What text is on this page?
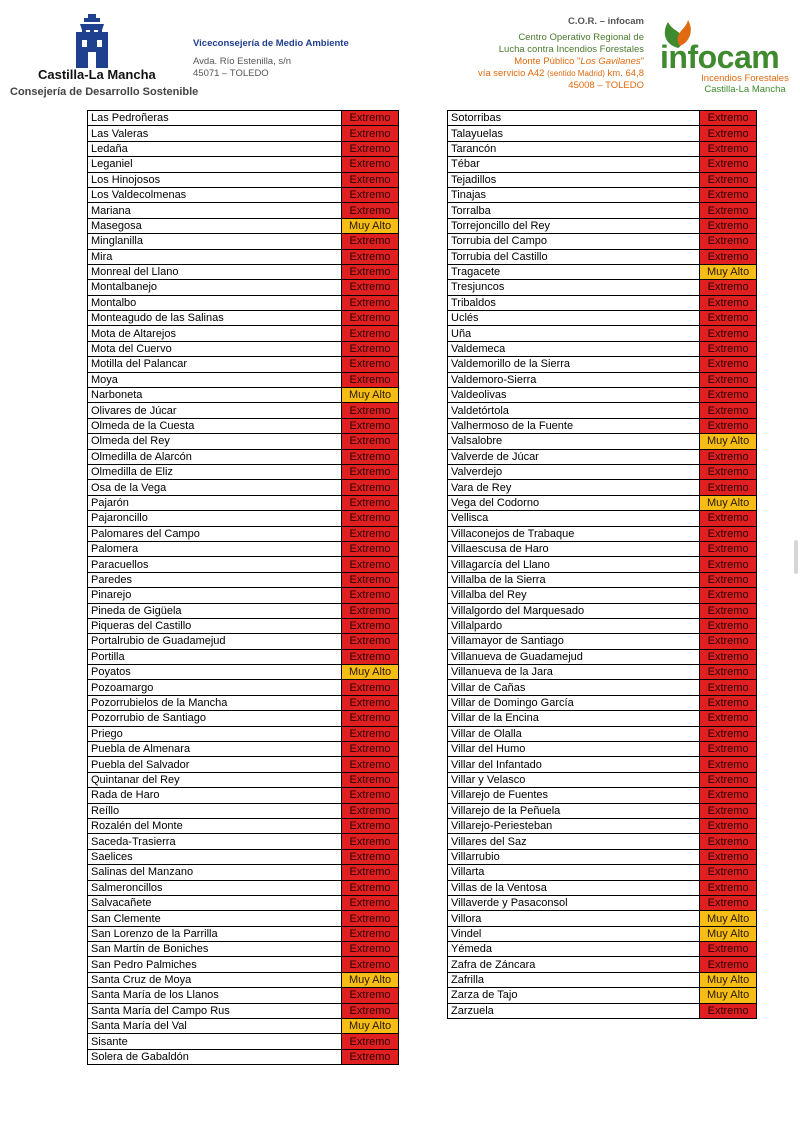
Castilla-La Mancha
Consejería de Desarrollo Sostenible
Viceconsejería de Medio Ambiente
Avda. Río Estenilla, s/n
45071 – TOLEDO
C.O.R. – infocam
Centro Operativo Regional de
Lucha contra Incendios Forestales
Monte Público "Los Gavilanes"
vía servicio A42 (sentido Madrid) km. 64,8
45008 – TOLEDO
infocam
Incendios Forestales
Castilla-La Mancha
Las Pedroñeras	Extremo
Las Valeras	Extremo
Ledaña	Extremo
Leganiel	Extremo
Los Hinojosos	Extremo
Los Valdecolmenas	Extremo
Mariana	Extremo
Masegosa	Muy Alto
Minglanilla	Extremo
Mira	Extremo
Monreal del Llano	Extremo
Montalbanejo	Extremo
Montalbo	Extremo
Monteagudo de las Salinas	Extremo
Mota de Altarejos	Extremo
Mota del Cuervo	Extremo
Motilla del Palancar	Extremo
Moya	Extremo
Narboneta	Muy Alto
Olivares de Júcar	Extremo
Olmeda de la Cuesta	Extremo
Olmeda del Rey	Extremo
Olmedilla de Alarcón	Extremo
Olmedilla de Eliz	Extremo
Osa de la Vega	Extremo
Pajarón	Extremo
Pajaroncillo	Extremo
Palomares del Campo	Extremo
Palomera	Extremo
Paracuellos	Extremo
Paredes	Extremo
Pinarejo	Extremo
Pineda de Gigüela	Extremo
Piqueras del Castillo	Extremo
Portalrubio de Guadamejud	Extremo
Portilla	Extremo
Poyatos	Muy Alto
Pozoamargo	Extremo
Pozorrubielos de la Mancha	Extremo
Pozorrubio de Santiago	Extremo
Priego	Extremo
Puebla de Almenara	Extremo
Puebla del Salvador	Extremo
Quintanar del Rey	Extremo
Rada de Haro	Extremo
Reíllo	Extremo
Rozalén del Monte	Extremo
Saceda-Trasierra	Extremo
Saelices	Extremo
Salinas del Manzano	Extremo
Salmeroncillos	Extremo
Salvacañete	Extremo
San Clemente	Extremo
San Lorenzo de la Parrilla	Extremo
San Martín de Boniches	Extremo
San Pedro Palmiches	Extremo
Santa Cruz de Moya	Muy Alto
Santa María de los Llanos	Extremo
Santa María del Campo Rus	Extremo
Santa María del Val	Muy Alto
Sisante	Extremo
Solera de Gabaldón	Extremo
Sotorribas	Extremo
Talayuelas	Extremo
Tarancón	Extremo
Tébar	Extremo
Tejadillos	Extremo
Tinajas	Extremo
Torralba	Extremo
Torrejoncillo del Rey	Extremo
Torrubia del Campo	Extremo
Torrubia del Castillo	Extremo
Tragacete	Muy Alto
Tresjuncos	Extremo
Tribaldos	Extremo
Uclés	Extremo
Uña	Extremo
Valdemeca	Extremo
Valdemorillo de la Sierra	Extremo
Valdemoro-Sierra	Extremo
Valdeolivas	Extremo
Valdetórtola	Extremo
Valhermoso de la Fuente	Extremo
Valsalobre	Muy Alto
Valverde de Júcar	Extremo
Valverdejo	Extremo
Vara de Rey	Extremo
Vega del Codorno	Muy Alto
Vellisca	Extremo
Villaconejos de Trabaque	Extremo
Villaescusa de Haro	Extremo
Villagarcía del Llano	Extremo
Villalba de la Sierra	Extremo
Villalba del Rey	Extremo
Villalgordo del Marquesado	Extremo
Villalpardo	Extremo
Villamayor de Santiago	Extremo
Villanueva de Guadamejud	Extremo
Villanueva de la Jara	Extremo
Villar de Cañas	Extremo
Villar de Domingo García	Extremo
Villar de la Encina	Extremo
Villar de Olalla	Extremo
Villar del Humo	Extremo
Villar del Infantado	Extremo
Villar y Velasco	Extremo
Villarejo de Fuentes	Extremo
Villarejo de la Peñuela	Extremo
Villarejo-Periesteban	Extremo
Villares del Saz	Extremo
Villarrubio	Extremo
Villarta	Extremo
Villas de la Ventosa	Extremo
Villaverde y Pasaconsol	Extremo
Villora	Muy Alto
Vindel	Muy Alto
Yémeda	Extremo
Zafra de Záncara	Extremo
Zafrilla	Muy Alto
Zarza de Tajo	Muy Alto
Zarzuela	Extremo
